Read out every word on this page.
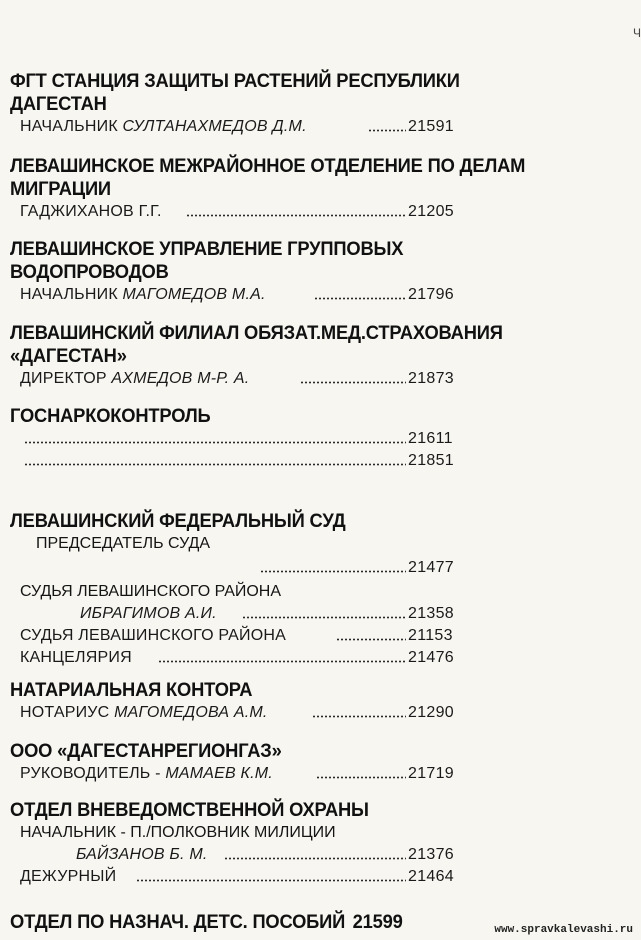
Ч
ФГТ СТАНЦИЯ ЗАЩИТЫ РАСТЕНИЙ РЕСПУБЛИКИ
ДАГЕСТАН
НАЧАЛЬНИК СУЛТАНАХМЕДОВ Д.М.	21591
ЛЕВАШИНСКОЕ МЕЖРАЙОННОЕ ОТДЕЛЕНИЕ ПО ДЕЛАМ
МИГРАЦИИ
ГАДЖИХАНОВ Г.Г.	21205
ЛЕВАШИНСКОЕ УПРАВЛЕНИЕ ГРУППОВЫХ
ВОДОПРОВОДОВ
НАЧАЛЬНИК МАГОМЕДОВ М.А.	21796
ЛЕВАШИНСКИЙ ФИЛИАЛ ОБЯЗАТ.МЕД.СТРАХОВАНИЯ
«ДАГЕСТАН»
ДИРЕКТОР АХМЕДОВ М-Р. А.	21873
ГОСНАРКОКОНТРОЛЬ
21611
21851
ЛЕВАШИНСКИЙ ФЕДЕРАЛЬНЫЙ СУД
ПРЕДСЕДАТЕЛЬ СУДА
21477
СУДЬЯ ЛЕВАШИНСКОГО РАЙОНА
ИБРАГИМОВ А.И.	21358
СУДЬЯ ЛЕВАШИНСКОГО РАЙОНА	21153
КАНЦЕЛЯРИЯ	21476
НАТАРИАЛЬНАЯ КОНТОРА
НОТАРИУС МАГОМЕДОВА А.М.	21290
ООО «ДАГЕСТАНРЕГИОНГАЗ»
РУКОВОДИТЕЛЬ - МАМАЕВ К.М.	21719
ОТДЕЛ ВНЕВЕДОМСТВЕННОЙ ОХРАНЫ
НАЧАЛЬНИК - П./ПОЛКОВНИК МИЛИЦИИ
БАЙЗАНОВ Б. М.	21376
ДЕЖУРНЫЙ	21464
ОТДЕЛ ПО НАЗНАЧ. ДЕТС. ПОСОБИЙ 21599	www.spravkalevashi.ru
